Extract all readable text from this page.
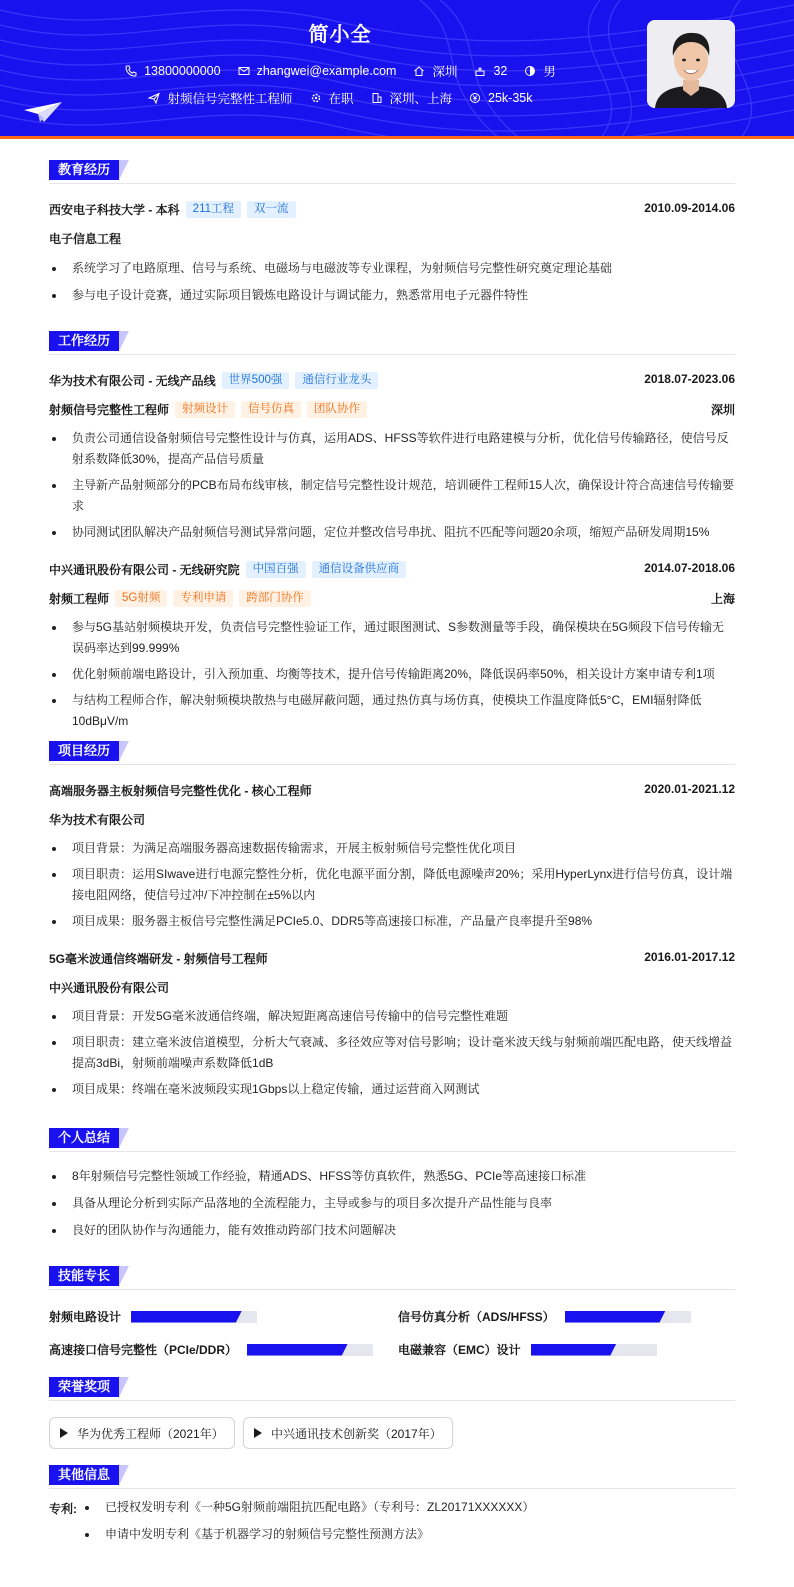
简小全
13800000000	zhangwei@example.com	深圳	32	男
射频信号完整性工程师	在职	深圳、上海	25k-35k
教育经历
西安电子科技大学 - 本科	211工程	双一流	2010.09-2014.06
电子信息工程
系统学习了电路原理、信号与系统、电磁场与电磁波等专业课程，为射频信号完整性研究奠定理论基础
参与电子设计竞赛，通过实际项目锻炼电路设计与调试能力，熟悉常用电子元器件特性
工作经历
华为技术有限公司 - 无线产品线	世界500强	通信行业龙头	2018.07-2023.06
射频信号完整性工程师	射频设计	信号仿真	团队协作	深圳
负责公司通信设备射频信号完整性设计与仿真，运用ADS、HFSS等软件进行电路建模与分析，优化信号传输路径，使信号反射系数降低30%，提高产品信号质量
主导新产品射频部分的PCB布局布线审核，制定信号完整性设计规范，培训硬件工程师15人次，确保设计符合高速信号传输要求
协同测试团队解决产品射频信号测试异常问题，定位并整改信号串扰、阻抗不匹配等问题20余项，缩短产品研发周期15%
中兴通讯股份有限公司 - 无线研究院	中国百强	通信设备供应商	2014.07-2018.06
射频工程师	5G射频	专利申请	跨部门协作	上海
参与5G基站射频模块开发，负责信号完整性验证工作，通过眼图测试、S参数测量等手段，确保模块在5G频段下信号传输无误码率达到99.999%
优化射频前端电路设计，引入预加重、均衡等技术，提升信号传输距离20%，降低误码率50%，相关设计方案申请专利1项
与结构工程师合作，解决射频模块散热与电磁屏蔽问题，通过热仿真与场仿真，使模块工作温度降低5°C，EMI辐射降低10dBμV/m
项目经历
高端服务器主板射频信号完整性优化 - 核心工程师	2020.01-2021.12
华为技术有限公司
项目背景：为满足高端服务器高速数据传输需求，开展主板射频信号完整性优化项目
项目职责：运用SIwave进行电源完整性分析，优化电源平面分割，降低电源噪声20%；采用HyperLynx进行信号仿真，设计端接电阻网络，使信号过冲/下冲控制在±5%以内
项目成果：服务器主板信号完整性满足PCIe5.0、DDR5等高速接口标准，产品量产良率提升至98%
5G毫米波通信终端研发 - 射频信号工程师	2016.01-2017.12
中兴通讯股份有限公司
项目背景：开发5G毫米波通信终端，解决短距离高速信号传输中的信号完整性难题
项目职责：建立毫米波信道模型，分析大气衰减、多径效应等对信号影响；设计毫米波天线与射频前端匹配电路，使天线增益提高3dBi，射频前端噪声系数降低1dB
项目成果：终端在毫米波频段实现1Gbps以上稳定传输，通过运营商入网测试
个人总结
8年射频信号完整性领域工作经验，精通ADS、HFSS等仿真软件，熟悉5G、PCIe等高速接口标准
具备从理论分析到实际产品落地的全流程能力，主导或参与的项目多次提升产品性能与良率
良好的团队协作与沟通能力，能有效推动跨部门技术问题解决
技能专长
射频电路设计	信号仿真分析（ADS/HFSS）
高速接口信号完整性（PCIe/DDR）	电磁兼容（EMC）设计
荣誉奖项
华为优秀工程师（2021年）	中兴通讯技术创新奖（2017年）
其他信息
专利:	已授权发明专利《一种5G射频前端阻抗匹配电路》（专利号：ZL20171XXXXXX）
申请中发明专利《基于机器学习的射频信号完整性预测方法》
